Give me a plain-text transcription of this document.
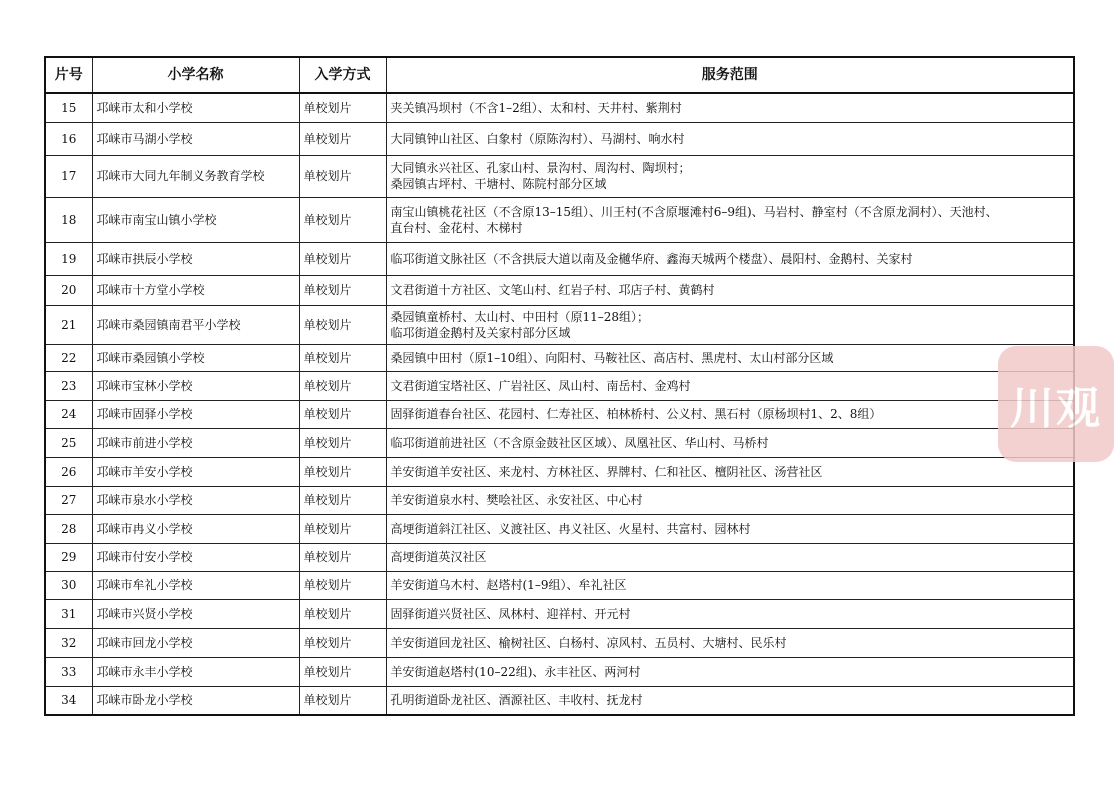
片号	小学名称	入学方式	服务范围
15	邛崃市太和小学校	单校划片	夹关镇冯坝村（不含1–2组）、太和村、天井村、紫荆村

16	邛崃市马湖小学校	单校划片	大同镇钟山社区、白象村（原陈沟村）、马湖村、响水村

17	邛崃市大同九年制义务教育学校	单校划片	大同镇永兴社区、孔家山村、景沟村、周沟村、陶坝村；
桑园镇古坪村、干塘村、陈院村部分区域

18	邛崃市南宝山镇小学校	单校划片	南宝山镇桃花社区（不含原13–15组）、川王村(不含原堰滩村6–9组)、马岩村、静室村（不含原龙洞村）、天池村、
直台村、金花村、木梯村

19	邛崃市拱辰小学校	单校划片	临邛街道文脉社区（不含拱辰大道以南及金樾华府、鑫海天城两个楼盘）、晨阳村、金鹅村、关家村

20	邛崃市十方堂小学校	单校划片	文君街道十方社区、文笔山村、红岩子村、邛店子村、黄鹤村

21	邛崃市桑园镇南君平小学校	单校划片	桑园镇童桥村、太山村、中田村（原11–28组）；
临邛街道金鹅村及关家村部分区域

22	邛崃市桑园镇小学校	单校划片	桑园镇中田村（原1–10组）、向阳村、马鞍社区、高店村、黑虎村、太山村部分区域

23	邛崃市宝林小学校	单校划片	文君街道宝塔社区、广岩社区、凤山村、南岳村、金鸡村

24	邛崃市固驿小学校	单校划片	固驿街道春台社区、花园村、仁寿社区、柏林桥村、公义村、黑石村（原杨坝村1、2、8组）

25	邛崃市前进小学校	单校划片	临邛街道前进社区（不含原金鼓社区区域）、凤凰社区、华山村、马桥村

26	邛崃市羊安小学校	单校划片	羊安街道羊安社区、来龙村、方林社区、界牌村、仁和社区、檀阴社区、汤营社区

27	邛崃市泉水小学校	单校划片	羊安街道泉水村、樊哙社区、永安社区、中心村

28	邛崃市冉义小学校	单校划片	高埂街道斜江社区、义渡社区、冉义社区、火星村、共富村、园林村

29	邛崃市付安小学校	单校划片	高埂街道英汉社区

30	邛崃市牟礼小学校	单校划片	羊安街道乌木村、赵塔村(1–9组）、牟礼社区

31	邛崃市兴贤小学校	单校划片	固驿街道兴贤社区、凤林村、迎祥村、开元村

32	邛崃市回龙小学校	单校划片	羊安街道回龙社区、榆树社区、白杨村、凉风村、五员村、大塘村、民乐村

33	邛崃市永丰小学校	单校划片	羊安街道赵塔村(10–22组)、永丰社区、两河村

34	邛崃市卧龙小学校	单校划片	孔明街道卧龙社区、酒源社区、丰收村、抚龙村
川观
